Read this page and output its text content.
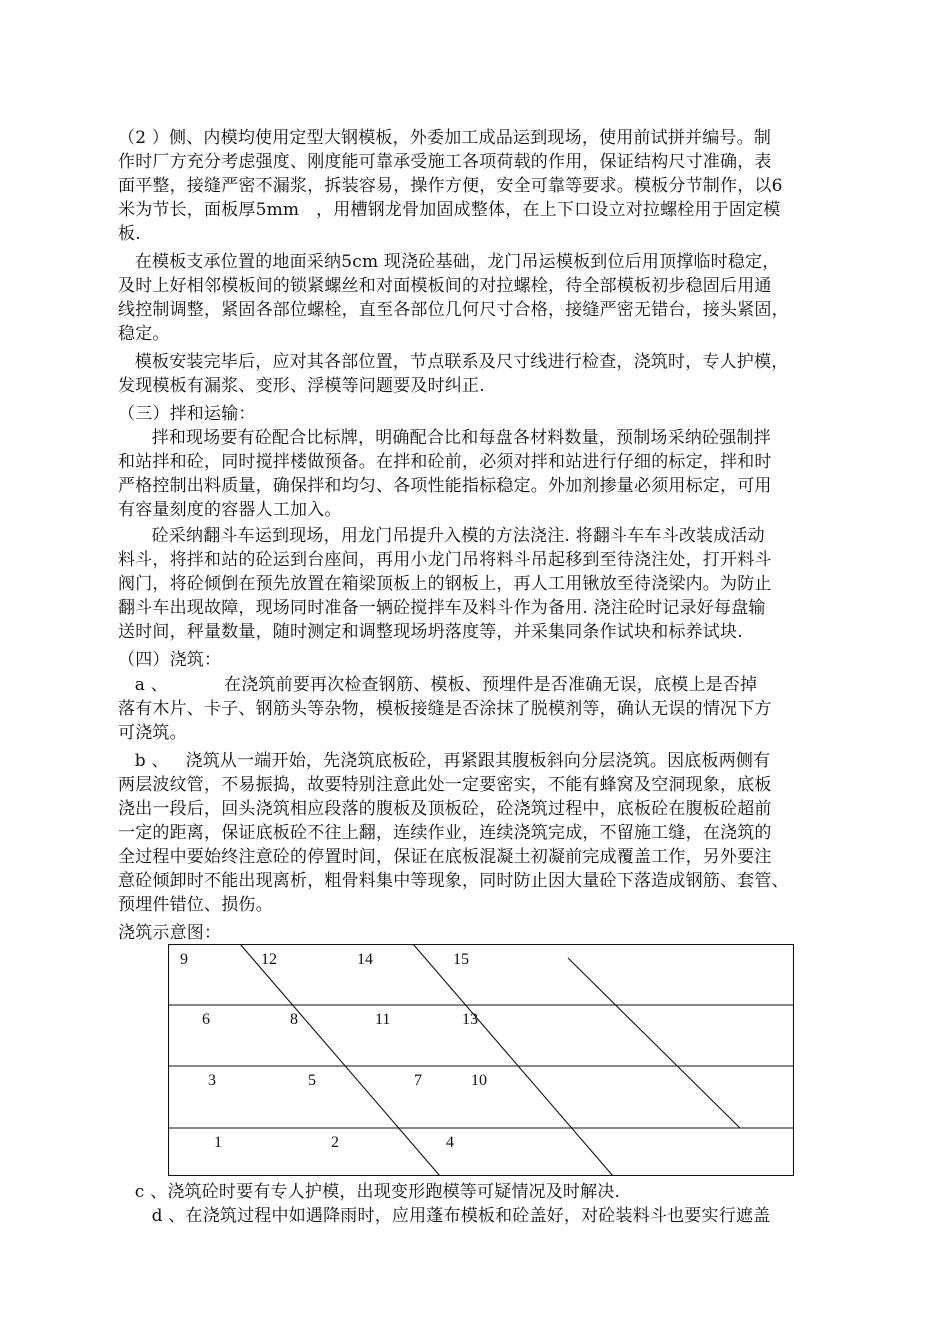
（2 ）侧、内模均使用定型大钢模板，外委加工成品运到现场，使用前试拼并编号。制
作时厂方充分考虑强度、刚度能可靠承受施工各项荷载的作用，保证结构尺寸准确，表
面平整，接缝严密不漏浆，拆装容易，操作方便，安全可靠等要求。模板分节制作，以6
米为节长，面板厚5mm   ，用槽钢龙骨加固成整体，在上下口设立对拉螺栓用于固定模
板.
在模板支承位置的地面采纳5cm 现浇砼基础，龙门吊运模板到位后用顶撑临时稳定，
及时上好相邻模板间的锁紧螺丝和对面模板间的对拉螺栓，待全部模板初步稳固后用通
线控制调整，紧固各部位螺栓，直至各部位几何尺寸合格，接缝严密无错台，接头紧固，
稳定。
模板安装完毕后，应对其各部位置，节点联系及尺寸线进行检查，浇筑时，专人护模，
发现模板有漏浆、变形、浮模等问题要及时纠正.
（三）拌和运输：
拌和现场要有砼配合比标牌，明确配合比和每盘各材料数量，预制场采纳砼强制拌
和站拌和砼，同时搅拌楼做预备。在拌和砼前，必须对拌和站进行仔细的标定，拌和时
严格控制出料质量，确保拌和均匀、各项性能指标稳定。外加剂掺量必须用标定，可用
有容量刻度的容器人工加入。
砼采纳翻斗车运到现场，用龙门吊提升入模的方法浇注. 将翻斗车车斗改装成活动
料斗，将拌和站的砼运到台座间，再用小龙门吊将料斗吊起移到至待浇注处，打开料斗
阀门，将砼倾倒在预先放置在箱梁顶板上的钢板上，再人工用锹放至待浇梁内。为防止
翻斗车出现故障，现场同时准备一辆砼搅拌车及料斗作为备用. 浇注砼时记录好每盘输
送时间，秤量数量，随时测定和调整现场坍落度等，并采集同条作试块和标养试块.
（四）浇筑：
a 、          在浇筑前要再次检查钢筋、模板、预埋件是否准确无误，底模上是否掉
落有木片、卡子、钢筋头等杂物，模板接缝是否涂抹了脱模剂等，确认无误的情况下方
可浇筑。
b 、   浇筑从一端开始，先浇筑底板砼，再紧跟其腹板斜向分层浇筑。因底板两侧有
两层波纹管，不易振捣，故要特别注意此处一定要密实，不能有蜂窝及空洞现象，底板
浇出一段后，回头浇筑相应段落的腹板及顶板砼，砼浇筑过程中，底板砼在腹板砼超前
一定的距离，保证底板砼不往上翻，连续作业，连续浇筑完成，不留施工缝，在浇筑的
全过程中要始终注意砼的停置时间，保证在底板混凝土初凝前完成覆盖工作，另外要注
意砼倾卸时不能出现离析，粗骨料集中等现象，同时防止因大量砼下落造成钢筋、套管、
预埋件错位、损伤。
浇筑示意图：
9	12	14	15
6	8	11	13
3	5	7	10
1	2	4
c 、浇筑砼时要有专人护模，出现变形跑模等可疑情况及时解决.
d 、在浇筑过程中如遇降雨时，应用蓬布模板和砼盖好，对砼装料斗也要实行遮盖
